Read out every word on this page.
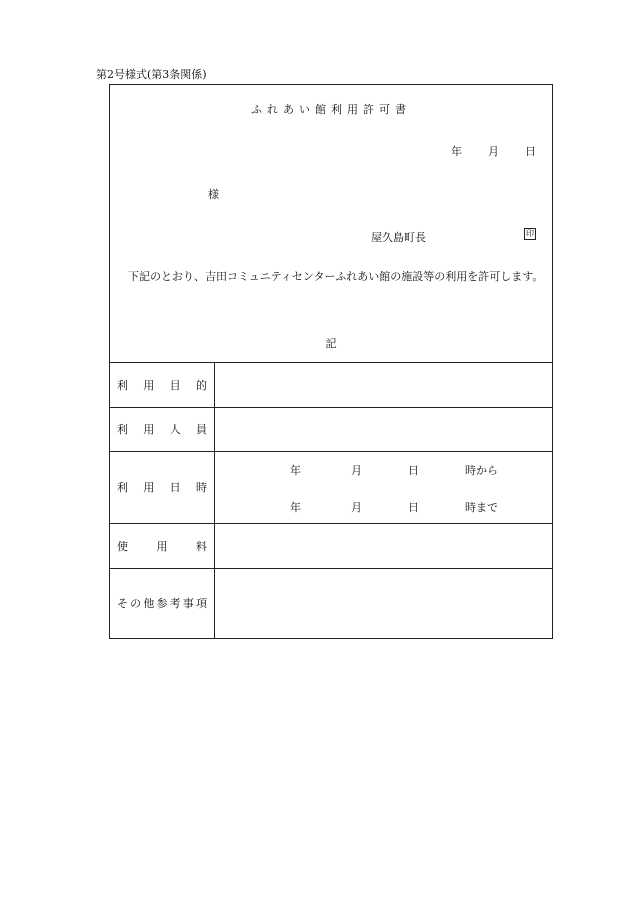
第2号様式(第3条関係)
ふれあい館利用許可書
年 月 日
様
屋久島町長	印
下記のとおり、吉田コミュニティセンターふれあい館の施設等の利用を許可します。
記
利 用 目 的
利 用 人 員
利 用 日 時
年	月	日	時から
年	月	日	時まで
使	用	料
そ の 他 参 考 事 項
